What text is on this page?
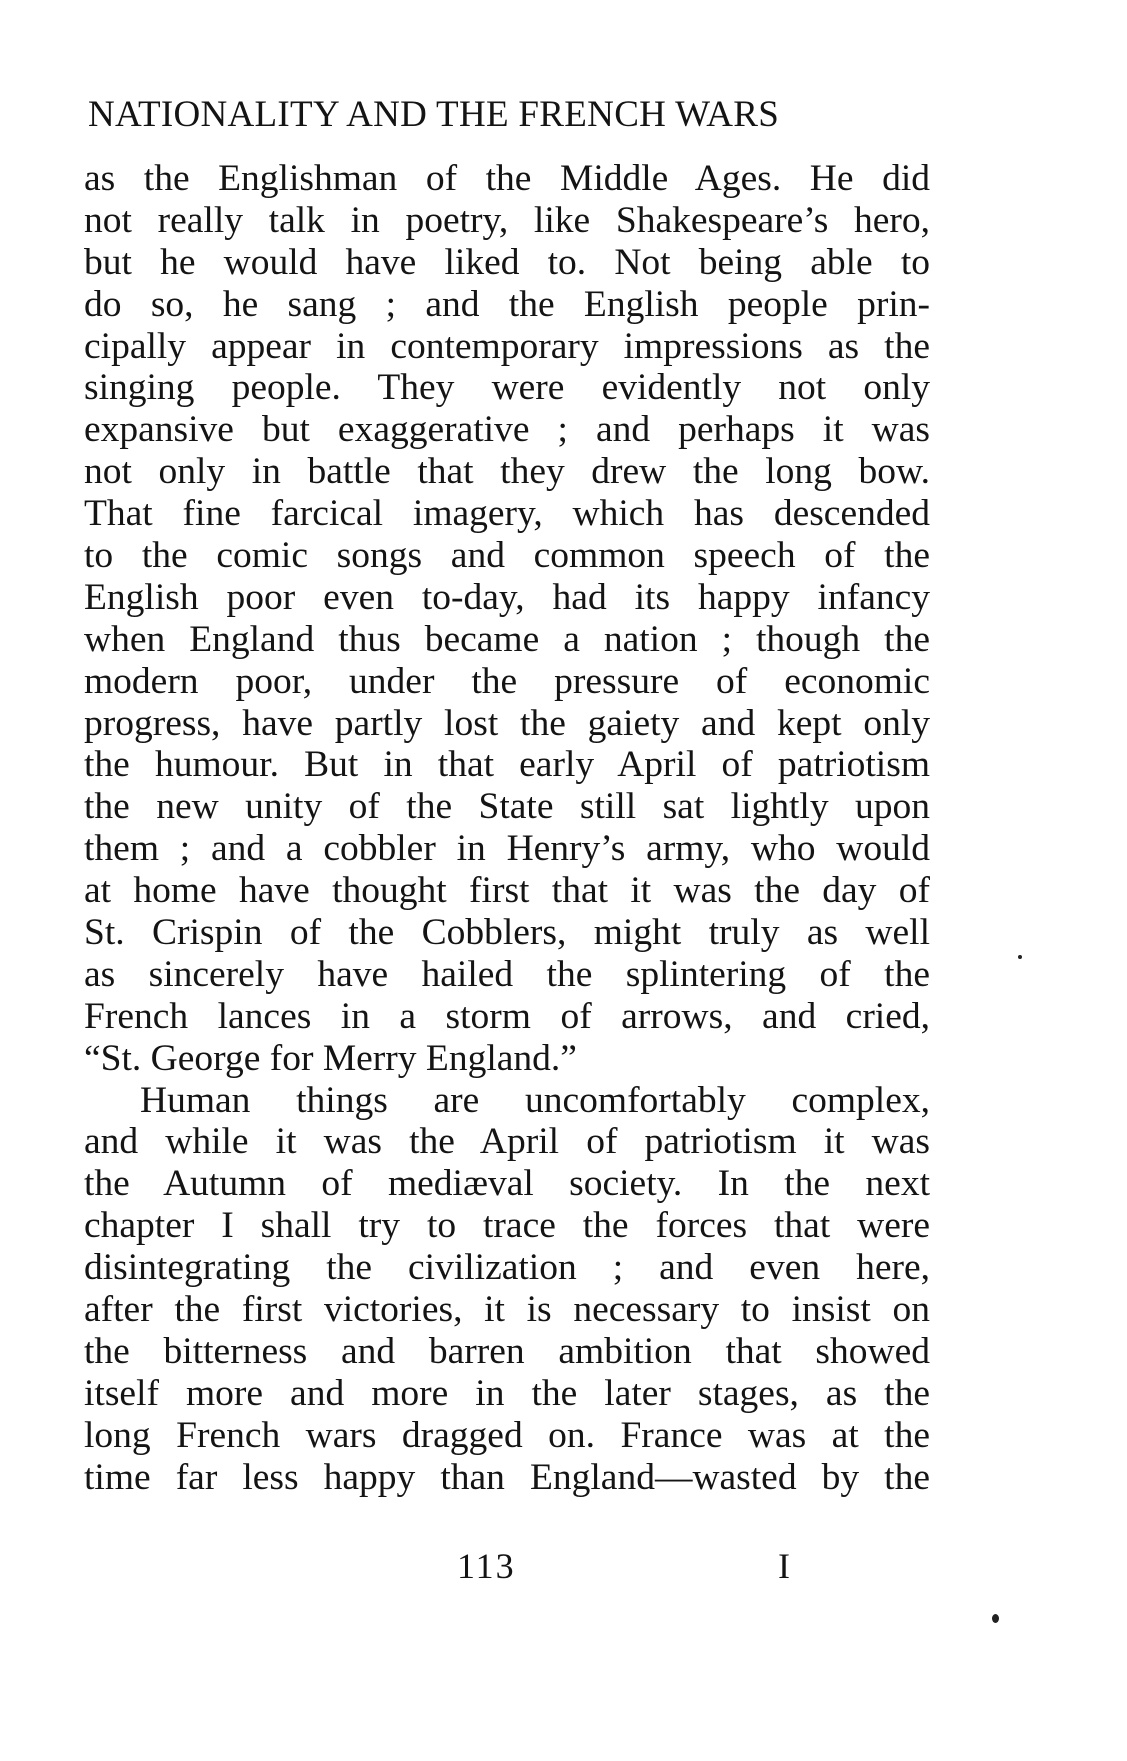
NATIONALITY AND THE FRENCH WARS
as the Englishman of the Middle Ages. He did
not really talk in poetry, like Shakespeare’s hero,
but he would have liked to. Not being able to
do so, he sang ; and the English people prin-
cipally appear in contemporary impressions as the
singing people. They were evidently not only
expansive but exaggerative ; and perhaps it was
not only in battle that they drew the long bow.
That fine farcical imagery, which has descended
to the comic songs and common speech of the
English poor even to-day, had its happy infancy
when England thus became a nation ; though the
modern poor, under the pressure of economic
progress, have partly lost the gaiety and kept only
the humour. But in that early April of patriotism
the new unity of the State still sat lightly upon
them ; and a cobbler in Henry’s army, who would
at home have thought first that it was the day of
St. Crispin of the Cobblers, might truly as well
as sincerely have hailed the splintering of the
French lances in a storm of arrows, and cried,
“St. George for Merry England.”
Human things are uncomfortably complex,
and while it was the April of patriotism it was
the Autumn of mediæval society. In the next
chapter I shall try to trace the forces that were
disintegrating the civilization ; and even here,
after the first victories, it is necessary to insist on
the bitterness and barren ambition that showed
itself more and more in the later stages, as the
long French wars dragged on. France was at the
time far less happy than England—wasted by the
113	I
